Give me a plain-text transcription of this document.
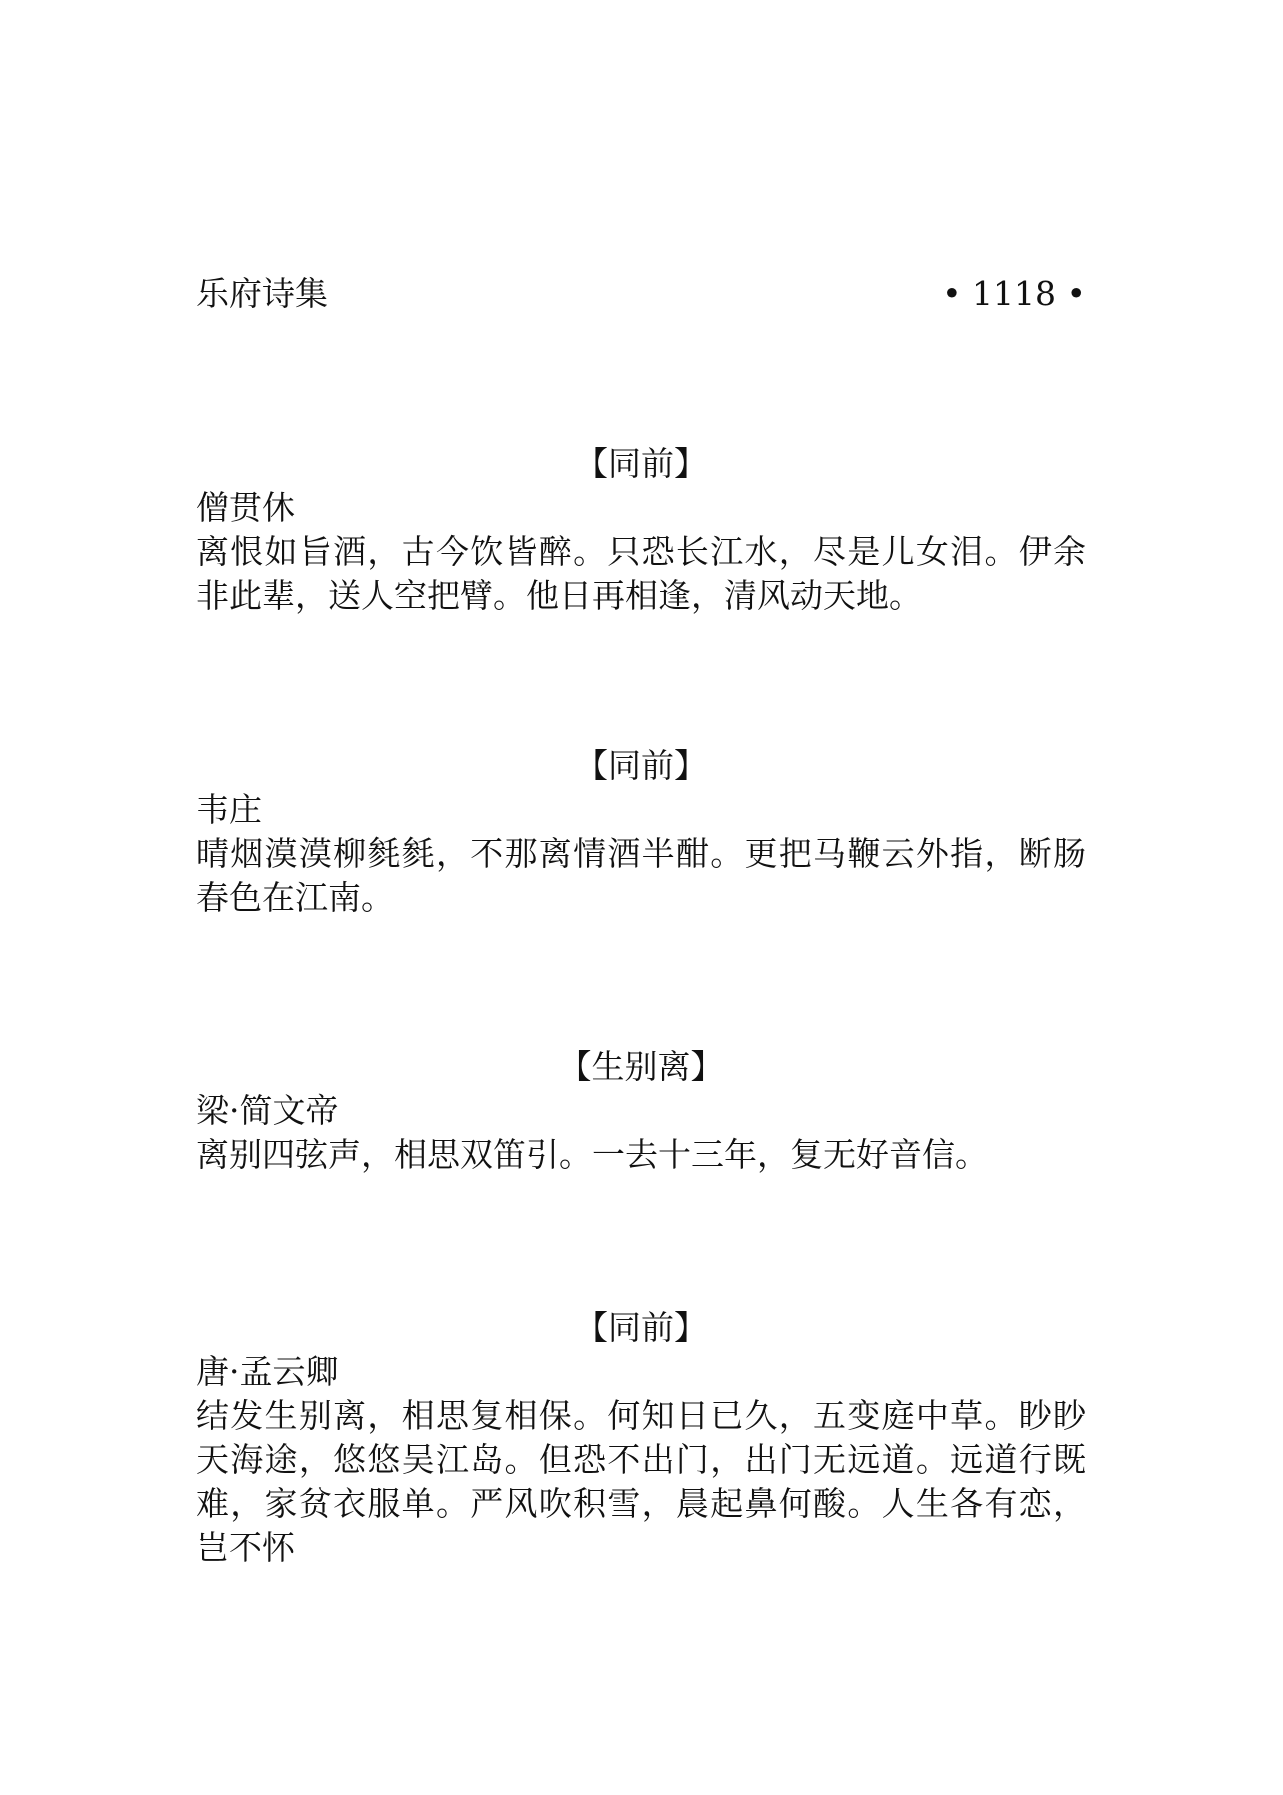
乐府诗集	• 1118 •

【同前】

僧贯休

离恨如旨酒，古今饮皆醉。只恐长江水，尽是儿女泪。伊余非此辈，送人空把臂。他日再相逢，清风动天地。

【同前】

韦庄

晴烟漠漠柳毵毵，不那离情酒半酣。更把马鞭云外指，断肠春色在江南。

【生别离】

梁·简文帝

离别四弦声，相思双笛引。一去十三年，复无好音信。

【同前】

唐·孟云卿

结发生别离，相思复相保。何知日已久，五变庭中草。眇眇天海途，悠悠吴江岛。但恐不出门，出门无远道。远道行既难，家贫衣服单。严风吹积雪，晨起鼻何酸。人生各有恋，岂不怀
